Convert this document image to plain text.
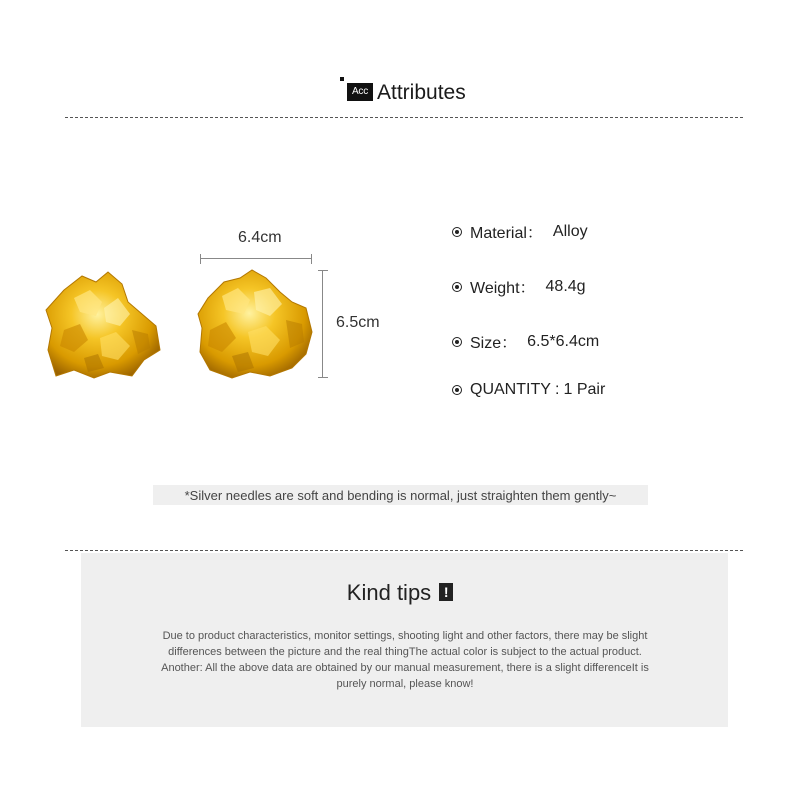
Acc Attributes
6.4cm
6.5cm
Material： Alloy
Weight： 48.4g
Size： 6.5*6.4cm
QUANTITY : 1 Pair
*Silver needles are soft and bending is normal, just straighten them gently~
Kind tips !
Due to product characteristics, monitor settings, shooting light and other factors, there may be slight
differences between the picture and the real thingThe actual color is subject to the actual product.
Another: All the above data are obtained by our manual measurement, there is a slight differenceIt is
purely normal, please know!
